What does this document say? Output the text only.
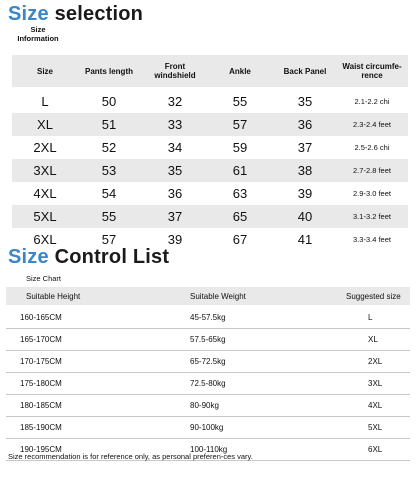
Size selection
Size
Information
Size	Pants length	Front windshield	Ankle	Back Panel	Waist circumfe-rence
L	50	32	55	35	2.1-2.2 chi
XL	51	33	57	36	2.3-2.4 feet
2XL	52	34	59	37	2.5-2.6 chi
3XL	53	35	61	38	2.7-2.8 feet
4XL	54	36	63	39	2.9-3.0 feet
5XL	55	37	65	40	3.1-3.2 feet
6XL	57	39	67	41	3.3-3.4 feet
Size Control List
Size Chart
Suitable Height	Suitable Weight	Suggested size
160-165CM	45-57.5kg	L
165-170CM	57.5-65kg	XL
170-175CM	65-72.5kg	2XL
175-180CM	72.5-80kg	3XL
180-185CM	80-90kg	4XL
185-190CM	90-100kg	5XL
190-195CM	100-110kg	6XL
Size recommendation is for reference only, as personal preferen-ces vary.
